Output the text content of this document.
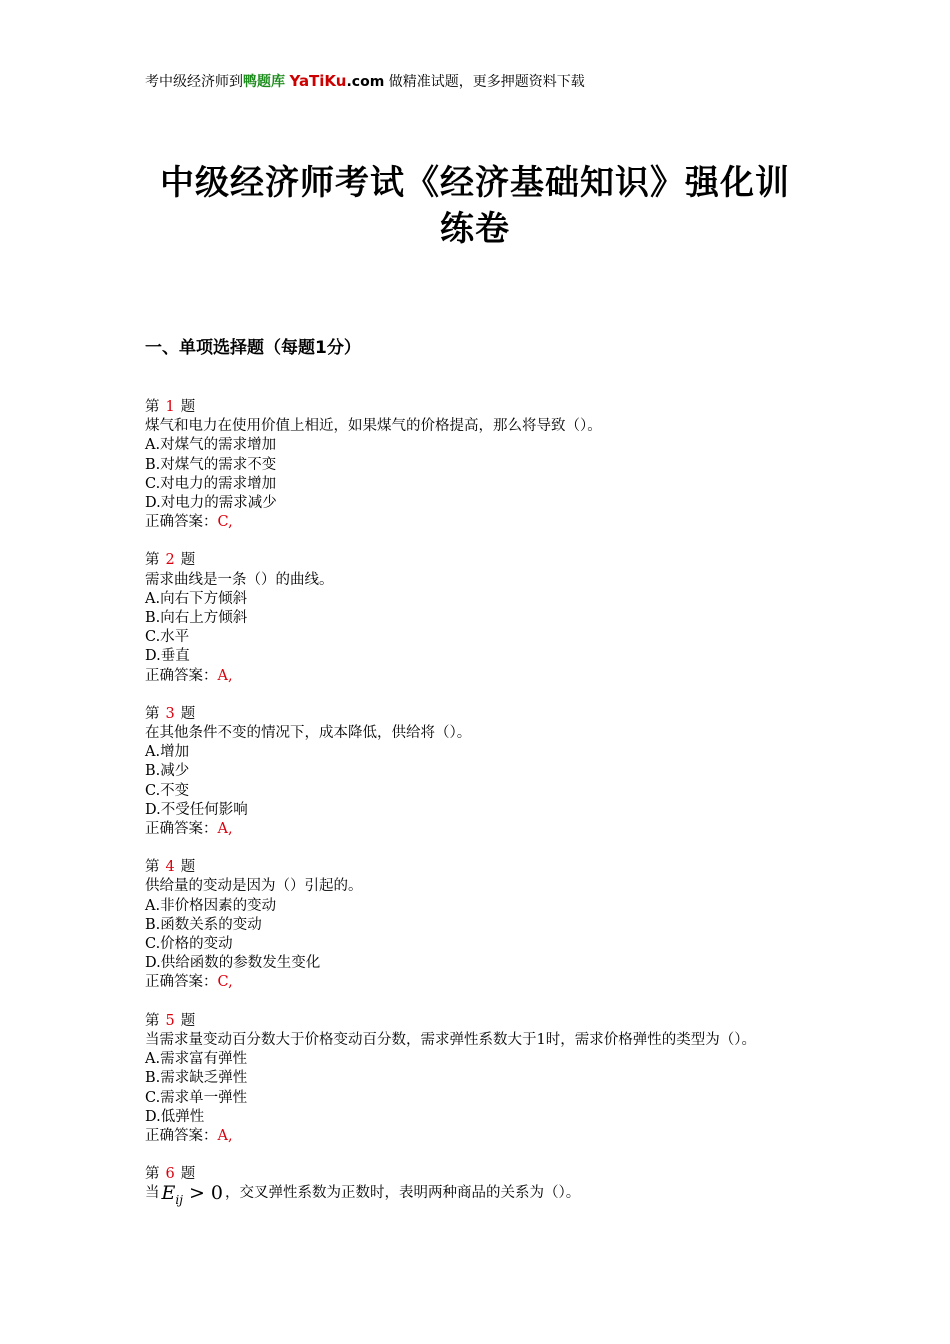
考中级经济师到鸭题库 YaTiKu.com 做精准试题，更多押题资料下载
中级经济师考试《经济基础知识》强化训练卷
一、单项选择题（每题1分）
第 1 题
煤气和电力在使用价值上相近，如果煤气的价格提高，那么将导致（）。
A.对煤气的需求增加
B.对煤气的需求不变
C.对电力的需求增加
D.对电力的需求减少
正确答案：C,
第 2 题
需求曲线是一条（）的曲线。
A.向右下方倾斜
B.向右上方倾斜
C.水平
D.垂直
正确答案：A,
第 3 题
在其他条件不变的情况下，成本降低，供给将（）。
A.增加
B.减少
C.不变
D.不受任何影响
正确答案：A,
第 4 题
供给量的变动是因为（）引起的。
A.非价格因素的变动
B.函数关系的变动
C.价格的变动
D.供给函数的参数发生变化
正确答案：C,
第 5 题
当需求量变动百分数大于价格变动百分数，需求弹性系数大于1时，需求价格弹性的类型为（）。
A.需求富有弹性
B.需求缺乏弹性
C.需求单一弹性
D.低弹性
正确答案：A,
第 6 题
当 $E_{ij} > 0$ ，交叉弹性系数为正数时，表明两种商品的关系为（）。
